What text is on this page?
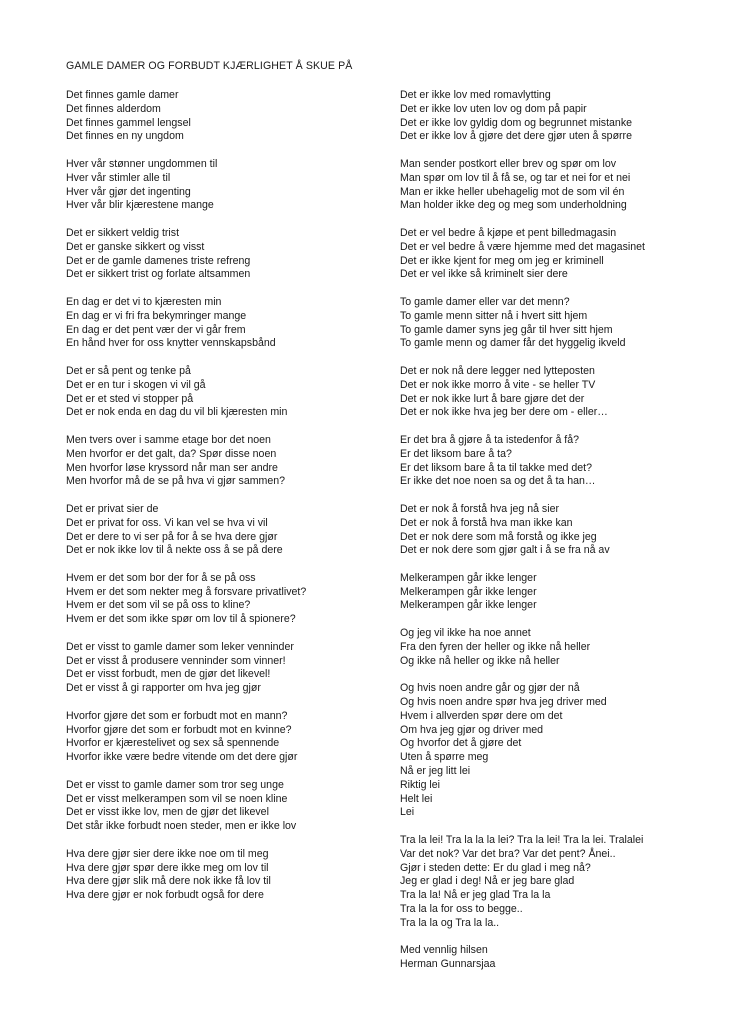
GAMLE DAMER OG FORBUDT KJÆRLIGHET Å SKUE PÅ
Det finnes gamle damer
Det finnes alderdom
Det finnes gammel lengsel
Det finnes en ny ungdom
Hver vår stønner ungdommen til
Hver vår stimler alle til
Hver vår gjør det ingenting
Hver vår blir kjærestene mange
Det er sikkert veldig trist
Det er ganske sikkert og visst
Det er de gamle damenes triste refreng
Det er sikkert trist og forlate altsammen
En dag er det vi to kjæresten min
En dag er vi fri fra bekymringer mange
En dag er det pent vær der vi går frem
En hånd hver for oss knytter vennskapsbånd
Det er så pent og tenke på
Det er en tur i skogen vi vil gå
Det er et sted vi stopper på
Det er nok enda en dag du vil bli kjæresten min
Men tvers over i samme etage bor det noen
Men hvorfor er det galt, da? Spør disse noen
Men hvorfor løse kryssord når man ser andre
Men hvorfor må de se på hva vi gjør sammen?
Det er privat sier de
Det er privat for oss. Vi kan vel se hva vi vil
Det er dere to vi ser på for å se hva dere gjør
Det er nok ikke lov til å nekte oss å se på dere
Hvem er det som bor der for å se på oss
Hvem er det som nekter meg å forsvare privatlivet?
Hvem er det som vil se på oss to kline?
Hvem er det som ikke spør om lov til å spionere?
Det er visst to gamle damer som leker venninder
Det er visst å produsere venninder som vinner!
Det er visst forbudt, men de gjør det likevel!
Det er visst å gi rapporter om hva jeg gjør
Hvorfor gjøre det som er forbudt mot en mann?
Hvorfor gjøre det som er forbudt mot en kvinne?
Hvorfor er kjærestelivet og sex så spennende
Hvorfor ikke være bedre vitende om det dere gjør
Det er visst to gamle damer som tror seg unge
Det er visst melkerampen som vil se noen kline
Det er visst ikke lov, men de gjør det likevel
Det står ikke forbudt noen steder, men er ikke lov
Hva dere gjør sier dere ikke noe om til meg
Hva dere gjør spør dere ikke meg om lov til
Hva dere gjør slik må dere nok ikke få lov til
Hva dere gjør er nok forbudt også for dere
Det er ikke lov med romavlytting
Det er ikke lov uten lov og dom på papir
Det er ikke lov gyldig dom og begrunnet mistanke
Det er ikke lov å gjøre det dere gjør uten å spørre
Man sender postkort eller brev og spør om lov
Man spør om lov til å få se, og tar et nei for et nei
Man er ikke heller ubehagelig mot de som vil én
Man holder ikke deg og meg som underholdning
Det er vel bedre å kjøpe et pent billedmagasin
Det er vel bedre å være hjemme med det magasinet
Det er ikke kjent for meg om jeg er kriminell
Det er vel ikke så kriminelt sier dere
To gamle damer eller var det menn?
To gamle menn sitter nå i hvert sitt hjem
To gamle damer syns jeg går til hver sitt hjem
To gamle menn og damer får det hyggelig ikveld
Det er nok nå dere legger ned lytteposten
Det er nok ikke morro å vite - se heller TV
Det er nok ikke lurt å bare gjøre det der
Det er nok ikke hva jeg ber dere om - eller…
Er det bra å gjøre å ta istedenfor å få?
Er det liksom bare å ta?
Er det liksom bare å ta til takke med det?
Er ikke det noe noen sa og det å ta han…
Det er nok å forstå hva jeg nå sier
Det er nok å forstå hva man ikke kan
Det er nok dere som må forstå og ikke jeg
Det er nok dere som gjør galt i å se fra nå av
Melkerampen går ikke lenger
Melkerampen går ikke lenger
Melkerampen går ikke lenger
Og jeg vil ikke ha noe annet
Fra den fyren der heller og ikke nå heller
Og ikke nå heller og ikke nå heller
Og hvis noen andre går og gjør der nå
Og hvis noen andre spør hva jeg driver med
Hvem i allverden spør dere om det
Om hva jeg gjør og driver med
Og hvorfor det å gjøre det
Uten å spørre meg
Nå er jeg litt lei
Riktig lei
Helt lei
Lei
Tra la lei! Tra la la la lei? Tra la lei! Tra la lei. Tralalei
Var det nok? Var det bra? Var det pent? Ånei..
Gjør i steden dette: Er du glad i meg nå?
Jeg er glad i deg! Nå er jeg bare glad
Tra la la! Nå er jeg glad Tra la la
Tra la la for oss to begge..
Tra la la og Tra la la..
Med vennlig hilsen
Herman Gunnarsjaa
